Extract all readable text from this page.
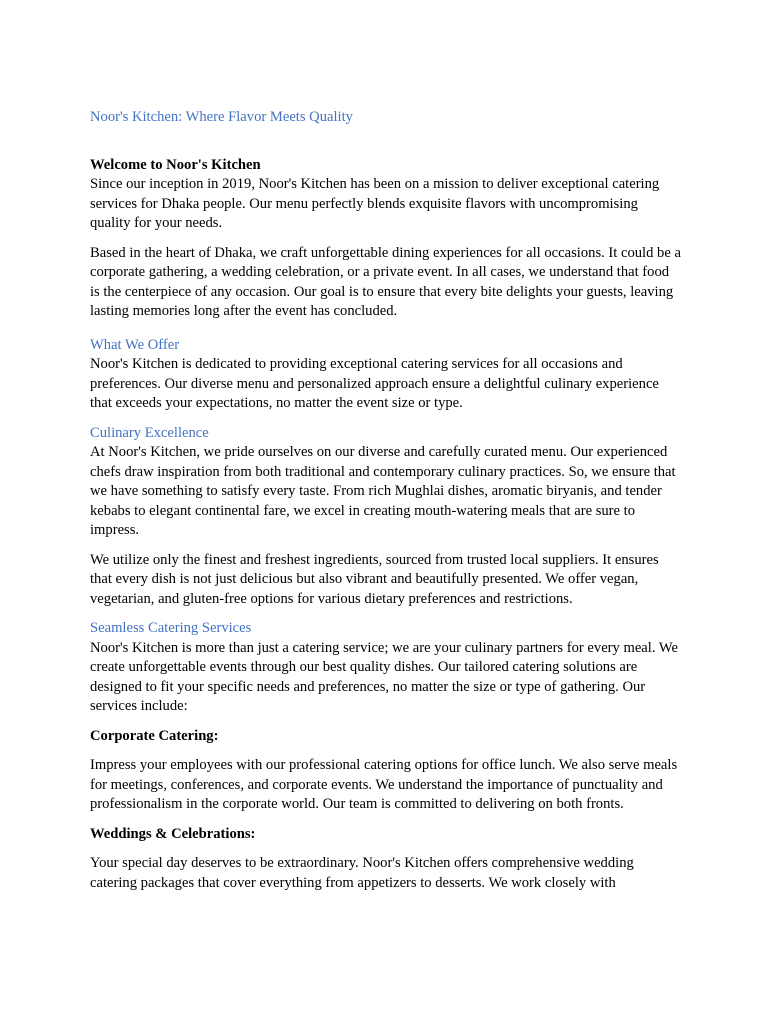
Noor's Kitchen: Where Flavor Meets Quality
Welcome to Noor's Kitchen

Since our inception in 2019, Noor's Kitchen has been on a mission to deliver exceptional catering services for Dhaka people. Our menu perfectly blends exquisite flavors with uncompromising quality for your needs.

Based in the heart of Dhaka, we craft unforgettable dining experiences for all occasions. It could be a corporate gathering, a wedding celebration, or a private event. In all cases, we understand that food is the centerpiece of any occasion. Our goal is to ensure that every bite delights your guests, leaving lasting memories long after the event has concluded.

What We Offer

Noor's Kitchen is dedicated to providing exceptional catering services for all occasions and preferences. Our diverse menu and personalized approach ensure a delightful culinary experience that exceeds your expectations, no matter the event size or type.

Culinary Excellence

At Noor's Kitchen, we pride ourselves on our diverse and carefully curated menu. Our experienced chefs draw inspiration from both traditional and contemporary culinary practices. So, we ensure that we have something to satisfy every taste. From rich Mughlai dishes, aromatic biryanis, and tender kebabs to elegant continental fare, we excel in creating mouth-watering meals that are sure to impress.

We utilize only the finest and freshest ingredients, sourced from trusted local suppliers. It ensures that every dish is not just delicious but also vibrant and beautifully presented. We offer vegan, vegetarian, and gluten-free options for various dietary preferences and restrictions.

Seamless Catering Services

Noor's Kitchen is more than just a catering service; we are your culinary partners for every meal. We create unforgettable events through our best quality dishes. Our tailored catering solutions are designed to fit your specific needs and preferences, no matter the size or type of gathering. Our services include:

Corporate Catering:

Impress your employees with our professional catering options for office lunch. We also serve meals for meetings, conferences, and corporate events. We understand the importance of punctuality and professionalism in the corporate world. Our team is committed to delivering on both fronts.

Weddings & Celebrations:

Your special day deserves to be extraordinary. Noor's Kitchen offers comprehensive wedding catering packages that cover everything from appetizers to desserts. We work closely with
